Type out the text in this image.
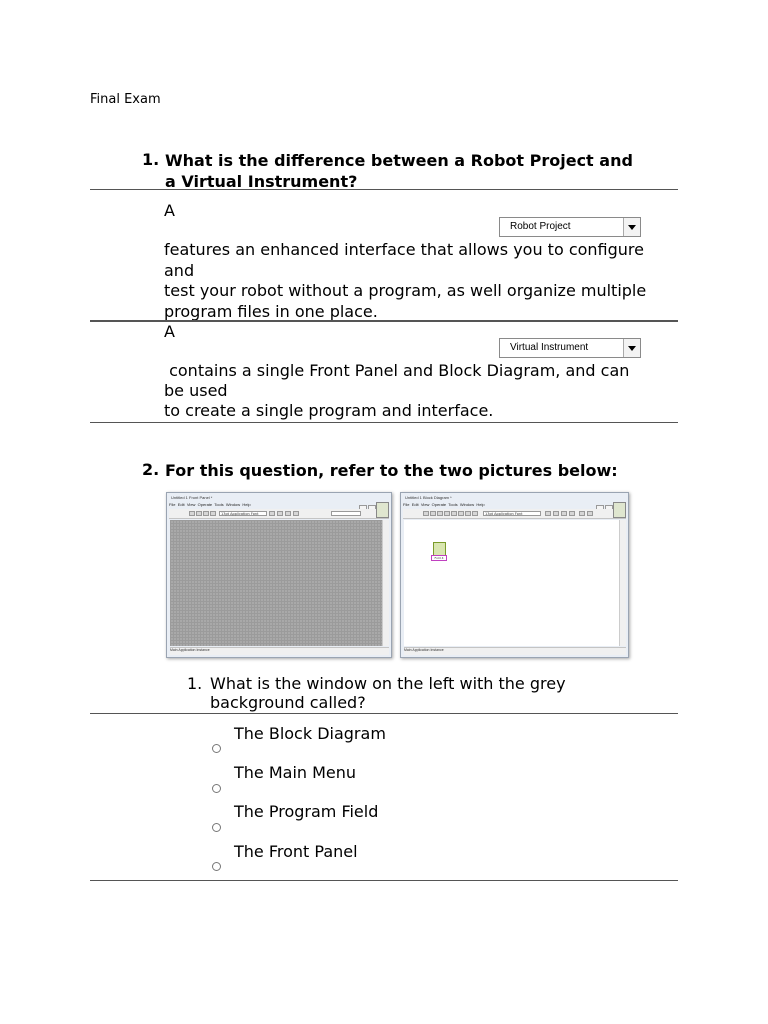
Final Exam
1. What is the difference between a Robot Project and
a Virtual Instrument?
A
Robot Project
features an enhanced interface that allows you to configure
and
test your robot without a program, as well organize multiple
program files in one place.
A
Virtual Instrument
contains a single Front Panel and Block Diagram, and can
be used
to create a single program and interface.
2. For this question, refer to the two pictures below:
Untitled 1 Front Panel *
File Edit View Operate Tools Window Help
13pt Application Font
Main Application Instance
Untitled 1 Block Diagram *
File Edit View Operate Tools Window Help
13pt Application Font
Fold 4
Main Application Instance
1. What is the window on the left with the grey
background called?
The Block Diagram
The Main Menu
The Program Field
The Front Panel
